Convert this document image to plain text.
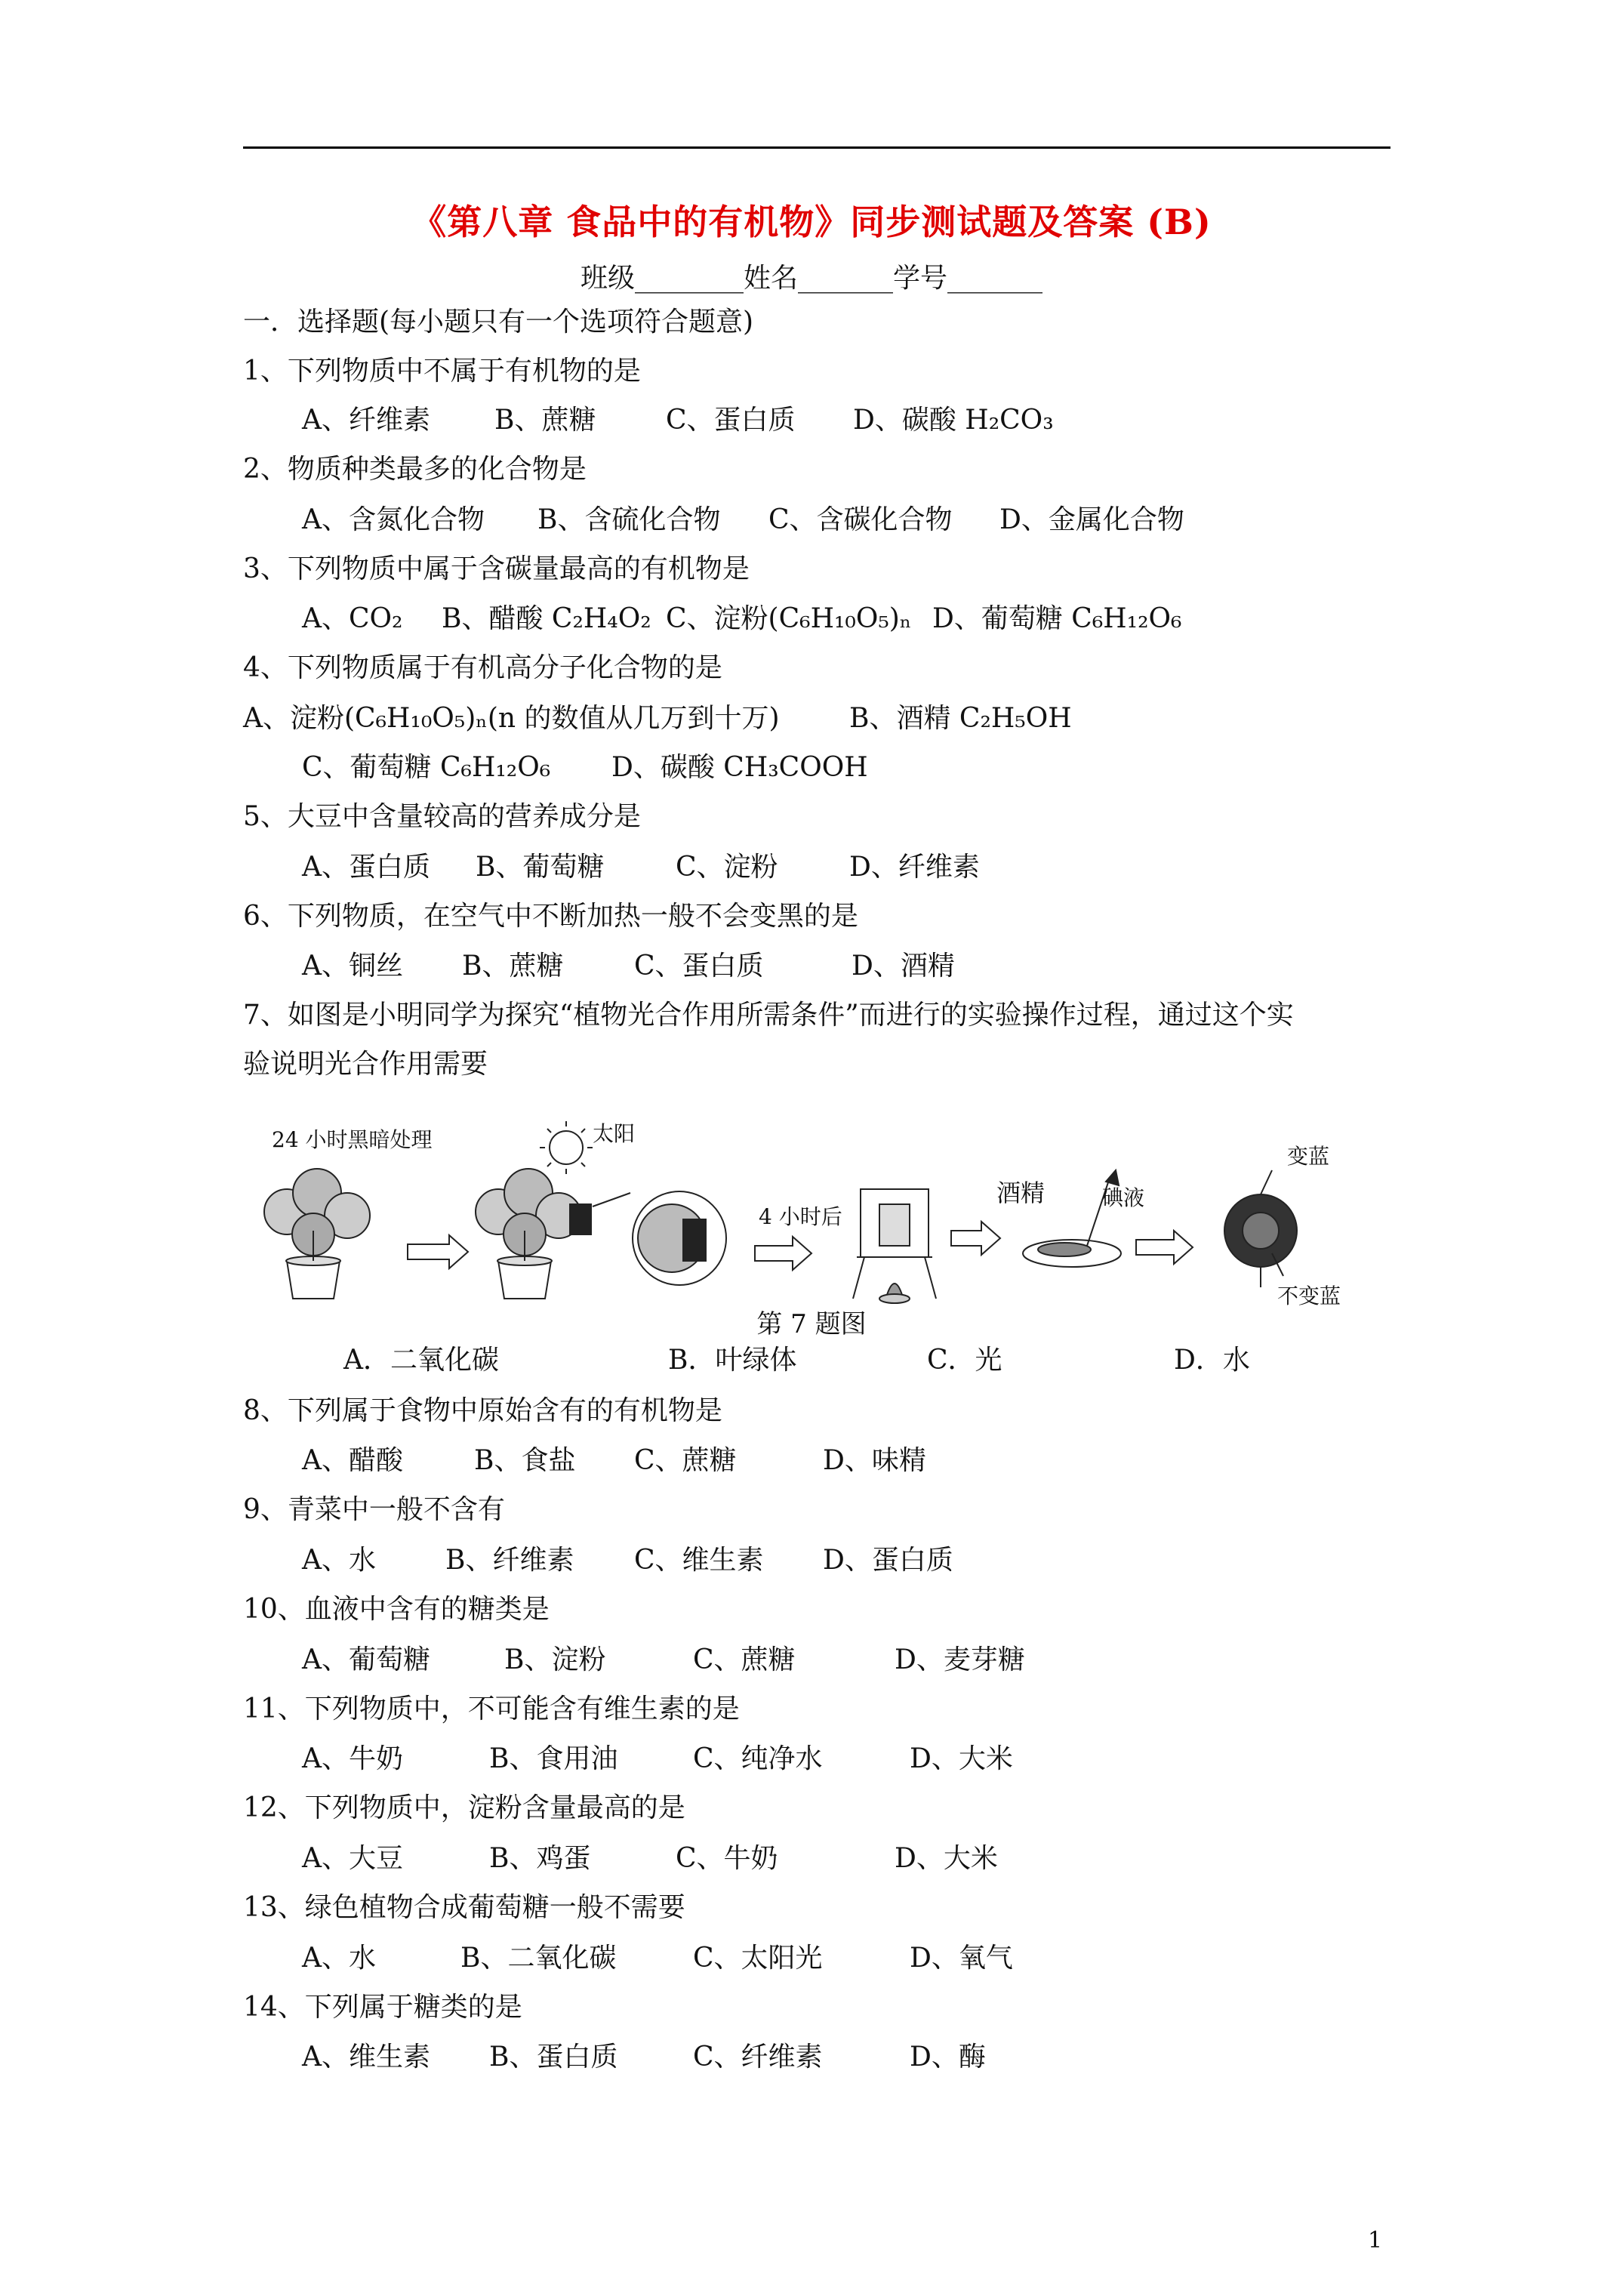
《第八章 食品中的有机物》同步测试题及答案 (B)
班级________姓名_______学号_______
一．选择题(每小题只有一个选项符合题意)
1、下列物质中不属于有机物的是
A、纤维素 B、蔗糖	C、蛋白质 D、碳酸 H₂CO₃
2、物质种类最多的化合物是
A、含氮化合物 B、含硫化合物 C、含碳化合物 D、金属化合物
3、下列物质中属于含碳量最高的有机物是
A、CO₂ B、醋酸 C₂H₄O₂ C、淀粉(C₆H₁₀O₅)ₙ D、葡萄糖 C₆H₁₂O₆
4、下列物质属于有机高分子化合物的是
A、淀粉(C₆H₁₀O₅)ₙ(n 的数值从几万到十万)	B、酒精 C₂H₅OH
C、葡萄糖 C₆H₁₂O₆ D、碳酸 CH₃COOH
5、大豆中含量较高的营养成分是
A、蛋白质 B、葡萄糖	C、淀粉	D、纤维素
6、下列物质，在空气中不断加热一般不会变黑的是
A、铜丝 B、蔗糖	C、蛋白质	D、酒精
7、如图是小明同学为探究“植物光合作用所需条件”而进行的实验操作过程，通过这个实
验说明光合作用需要
24 小时黑暗处理	太阳
4 小时后
酒精	碘液
变蓝
不变蓝
第 7 题图
A．二氧化碳	B．叶绿体	C．光	D．水
8、下列属于食物中原始含有的有机物是
A、醋酸	B、食盐 C、蔗糖	D、味精
9、青菜中一般不含有
A、水	B、纤维素 C、维生素 D、蛋白质
10、血液中含有的糖类是
A、葡萄糖	B、淀粉	C、蔗糖	D、麦芽糖
11、下列物质中，不可能含有维生素的是
A、牛奶	B、食用油	C、纯净水	D、大米
12、下列物质中，淀粉含量最高的是
A、大豆	B、鸡蛋	C、牛奶	D、大米
13、绿色植物合成葡萄糖一般不需要
A、水	B、二氧化碳	C、太阳光	D、氧气
14、下列属于糖类的是
A、维生素 B、蛋白质	C、纤维素	D、酶
1
